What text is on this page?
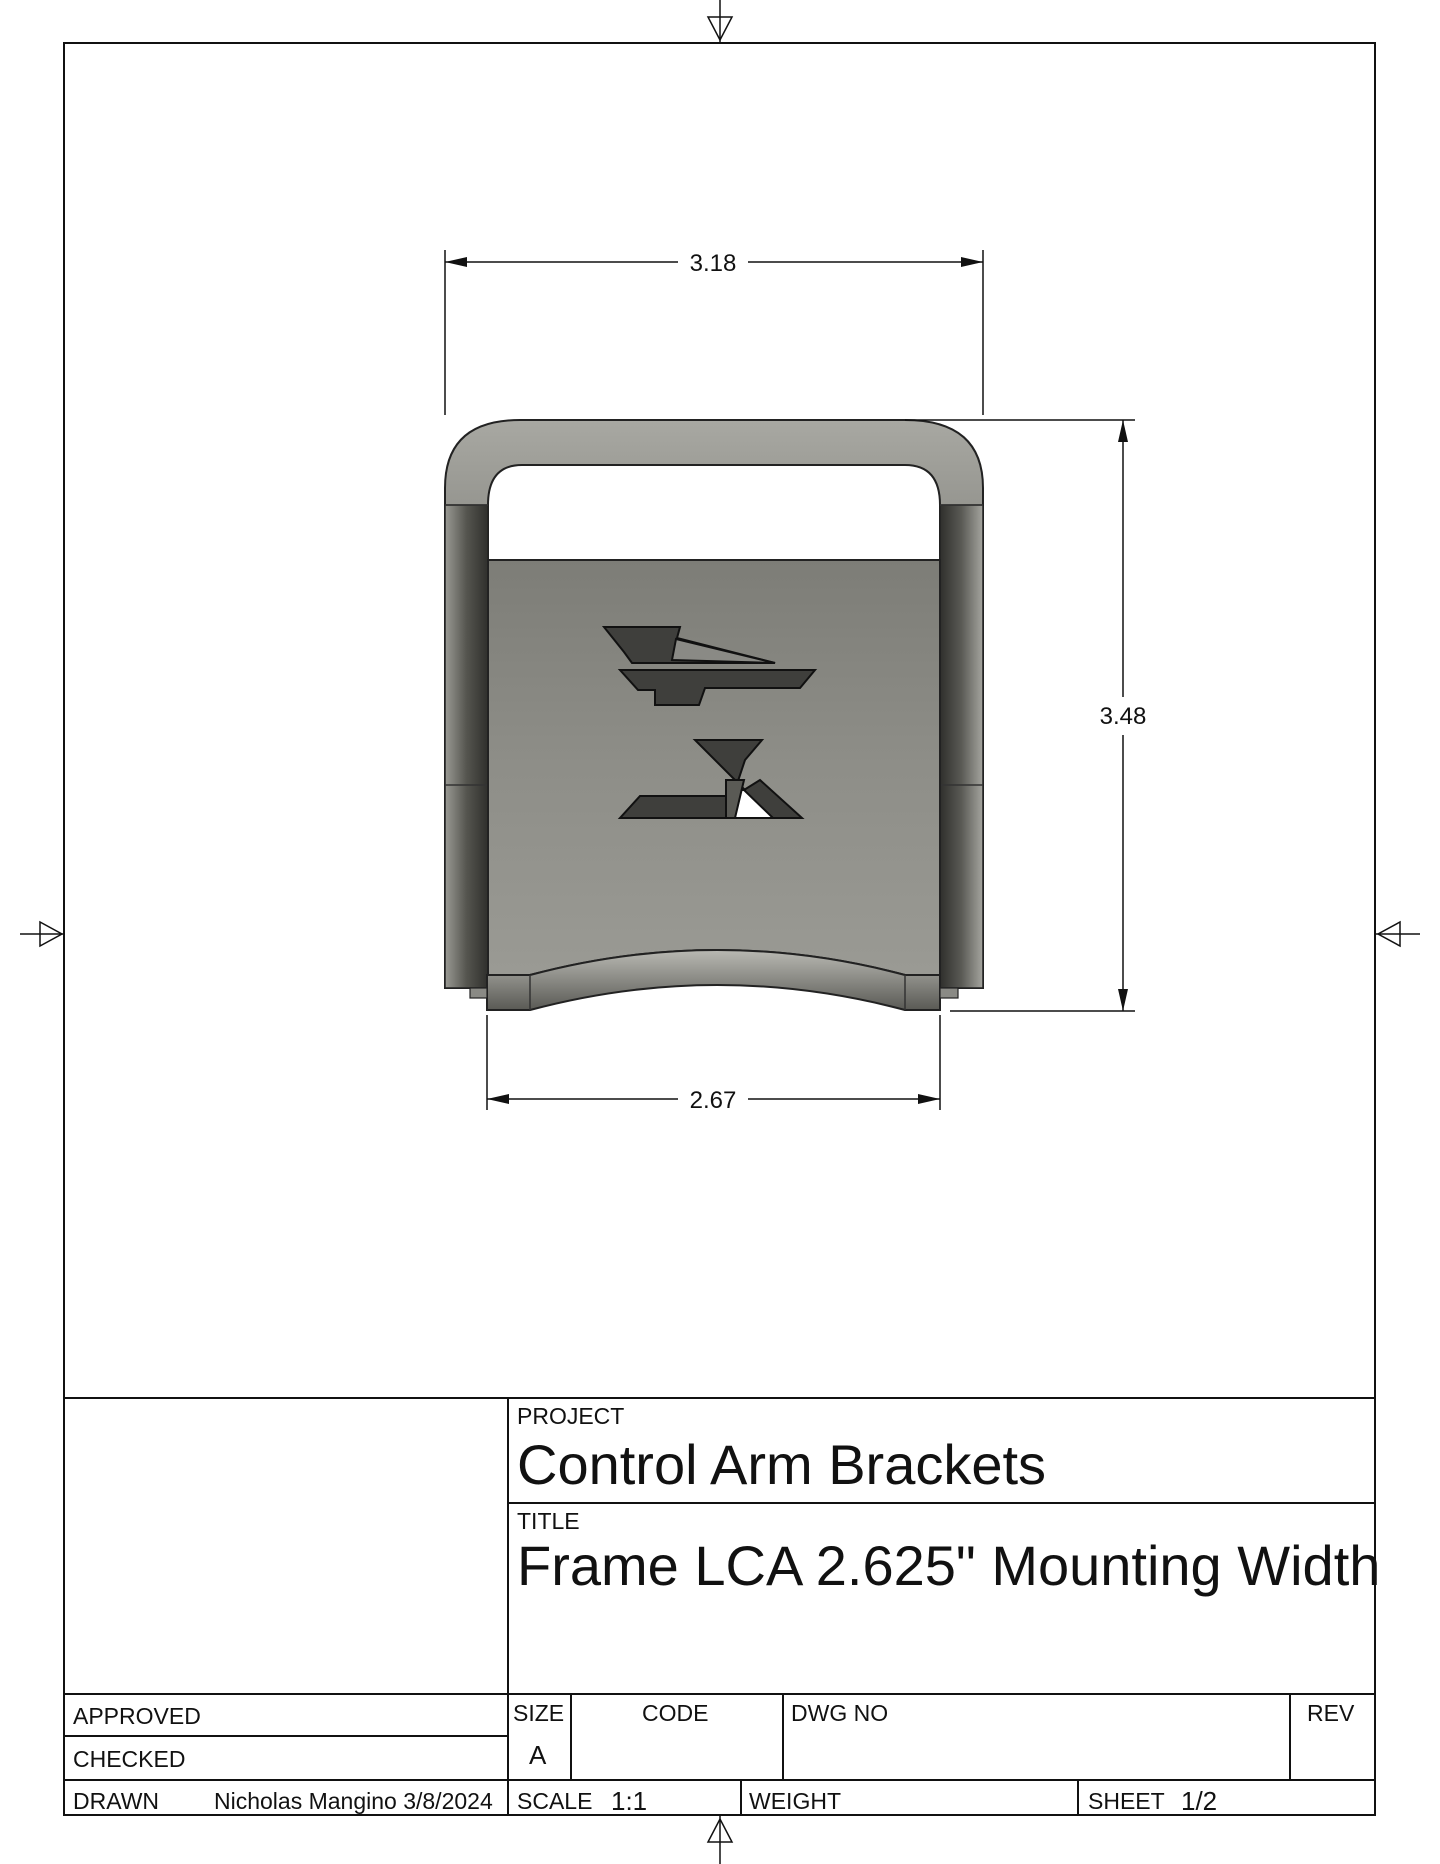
3.18
3.48
2.67
PROJECT
Control Arm Brackets
TITLE
Frame LCA 2.625" Mounting Width
APPROVED
CHECKED
DRAWN Nicholas Mangino 3/8/2024
SIZE
A
CODE	DWG NO	REV
SCALE 1:1	WEIGHT	SHEET 1/2
